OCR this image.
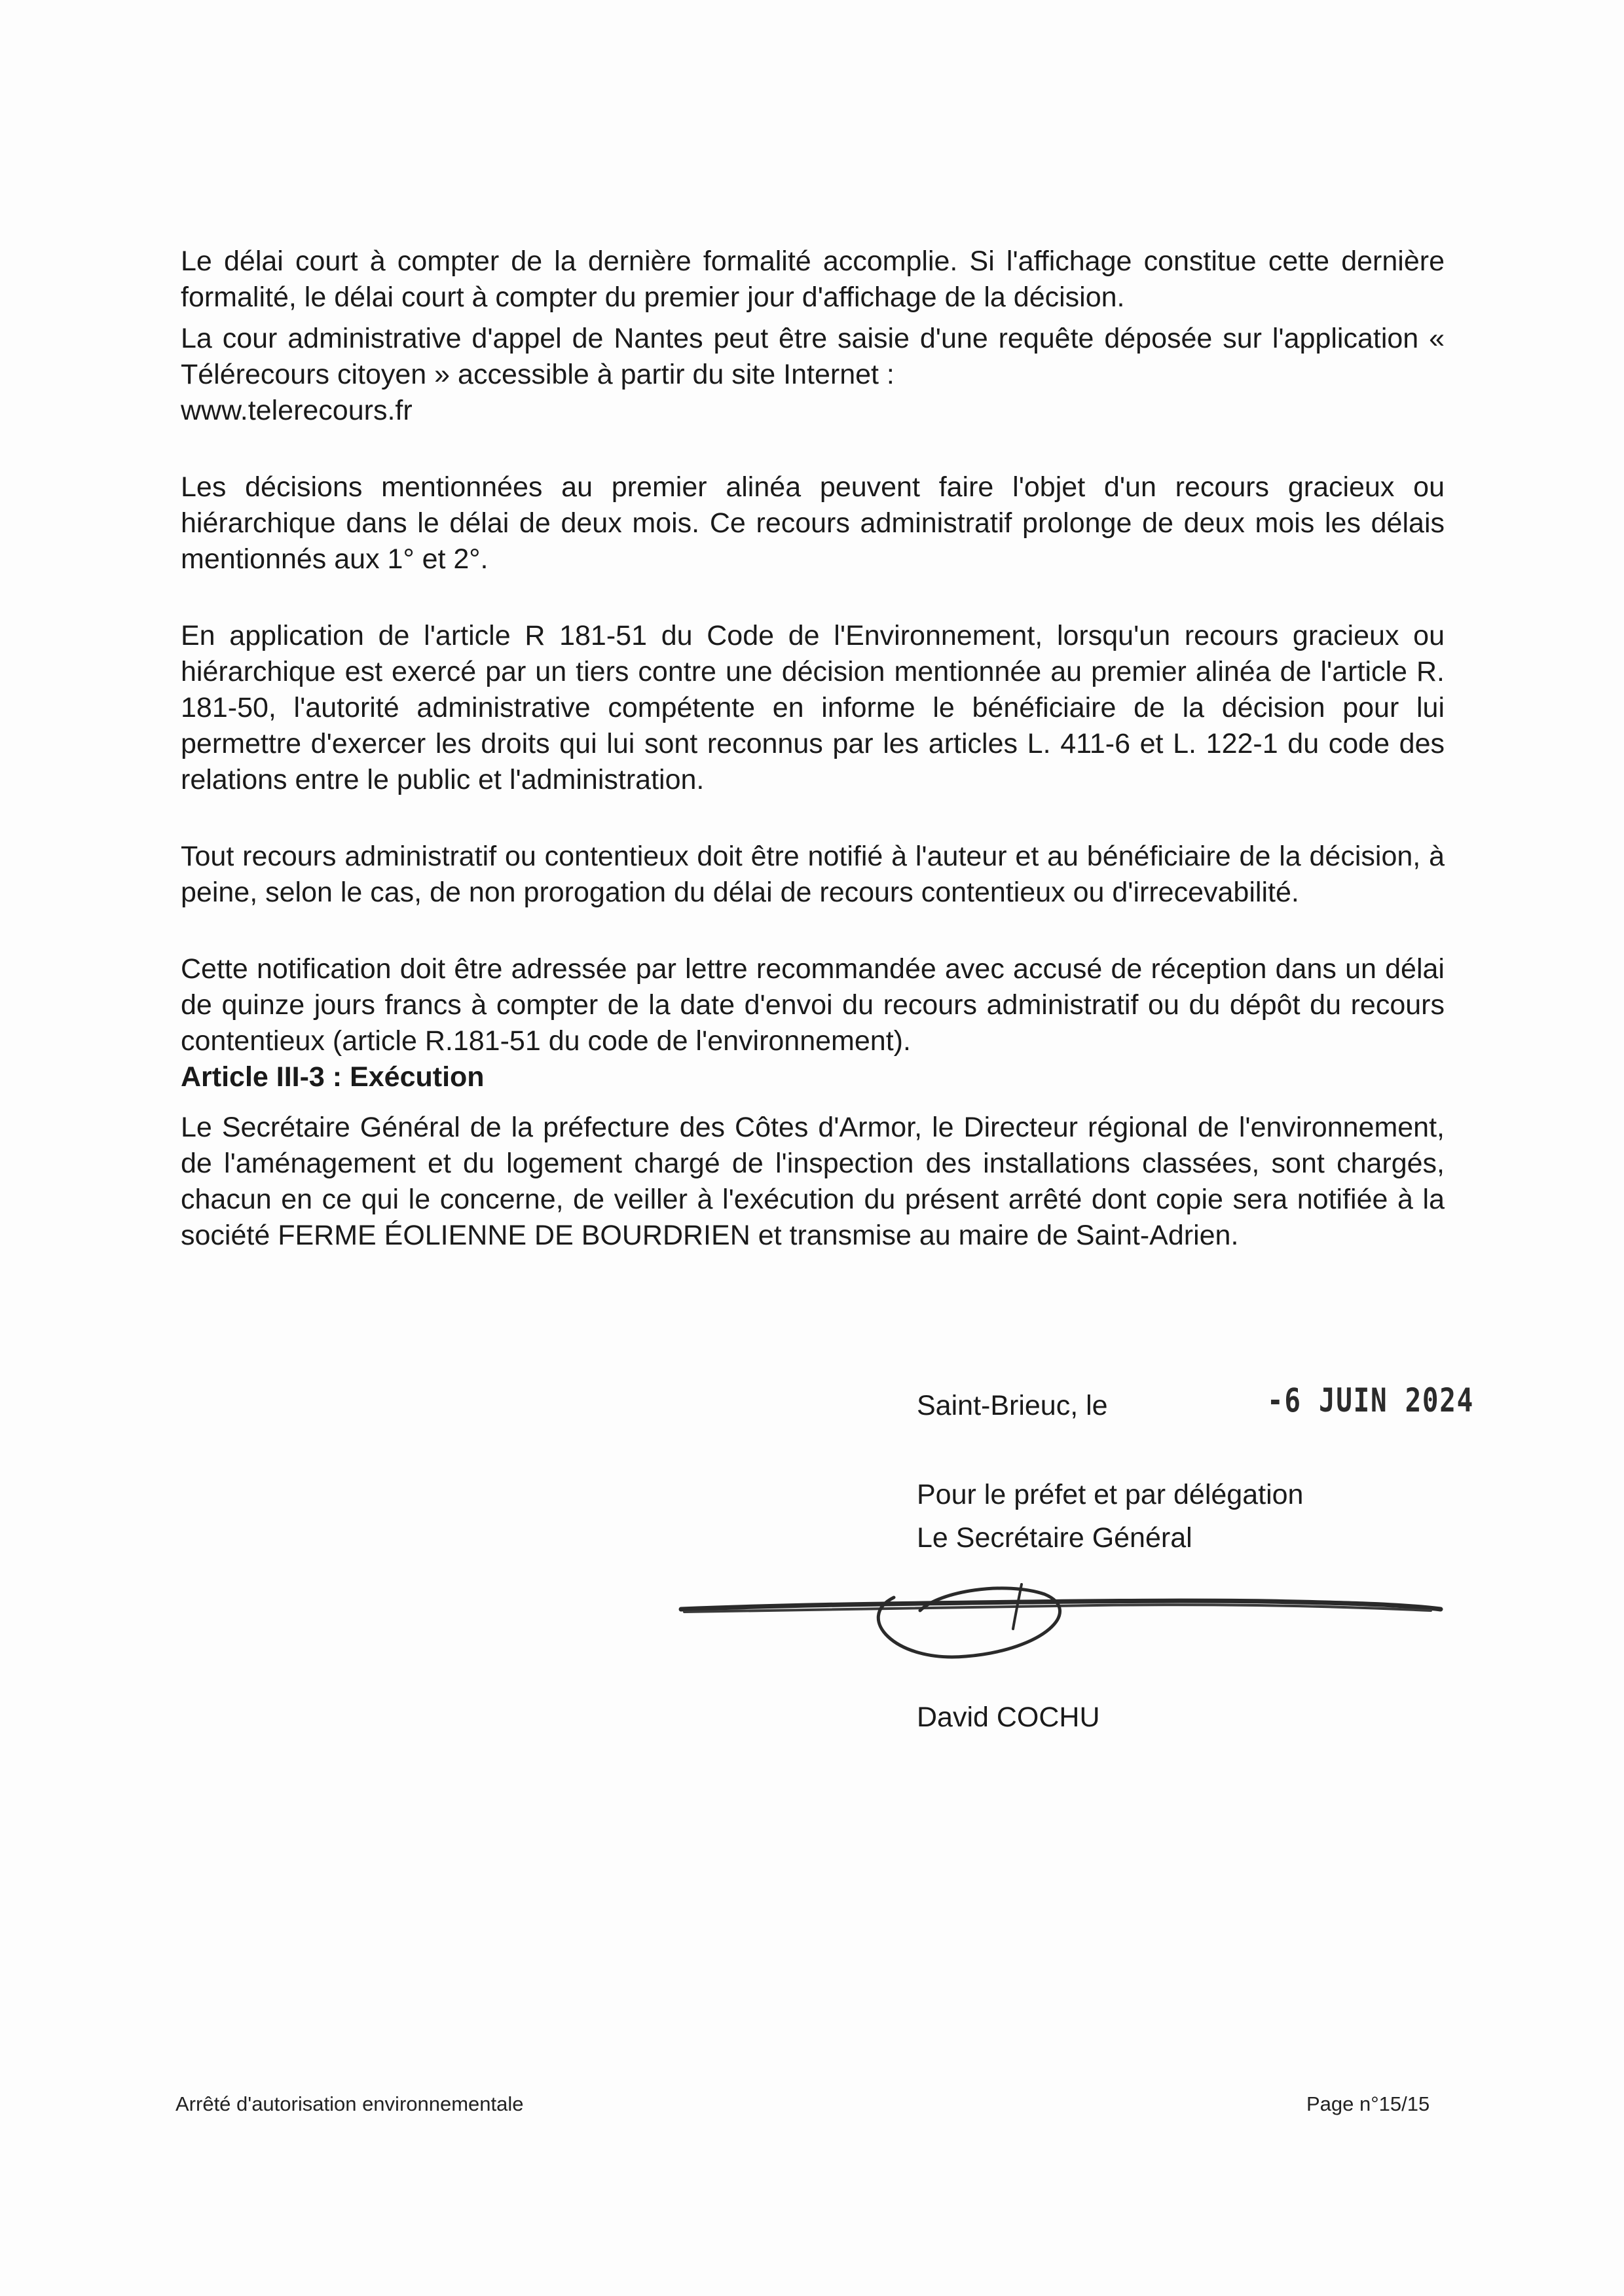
Le délai court à compter de la dernière formalité accomplie. Si l'affichage constitue cette dernière formalité, le délai court à compter du premier jour d'affichage de la décision.

La cour administrative d'appel de Nantes peut être saisie d'une requête déposée sur l'application « Télérecours citoyen » accessible à partir du site Internet :
www.telerecours.fr

Les décisions mentionnées au premier alinéa peuvent faire l'objet d'un recours gracieux ou hiérarchique dans le délai de deux mois. Ce recours administratif prolonge de deux mois les délais mentionnés aux 1° et 2°.

En application de l'article R 181-51 du Code de l'Environnement, lorsqu'un recours gracieux ou hiérarchique est exercé par un tiers contre une décision mentionnée au premier alinéa de l'article R. 181-50, l'autorité administrative compétente en informe le bénéficiaire de la décision pour lui permettre d'exercer les droits qui lui sont reconnus par les articles L. 411-6 et L. 122-1 du code des relations entre le public et l'administration.

Tout recours administratif ou contentieux doit être notifié à l'auteur et au bénéficiaire de la décision, à peine, selon le cas, de non prorogation du délai de recours contentieux ou d'irrecevabilité.

Cette notification doit être adressée par lettre recommandée avec accusé de réception dans un délai de quinze jours francs à compter de la date d'envoi du recours administratif ou du dépôt du recours contentieux (article R.181-51 du code de l'environnement).

Article III-3 : Exécution

Le Secrétaire Général de la préfecture des Côtes d'Armor, le Directeur régional de l'environnement, de l'aménagement et du logement chargé de l'inspection des installations classées, sont chargés, chacun en ce qui le concerne, de veiller à l'exécution du présent arrêté dont copie sera notifiée à la société FERME ÉOLIENNE DE BOURDRIEN et transmise au maire de Saint-Adrien.

Saint-Brieuc, le	-6 JUIN 2024
Pour le préfet et par délégation
Le Secrétaire Général
David COCHU
Arrêté d'autorisation environnementale	Page n°15/15
